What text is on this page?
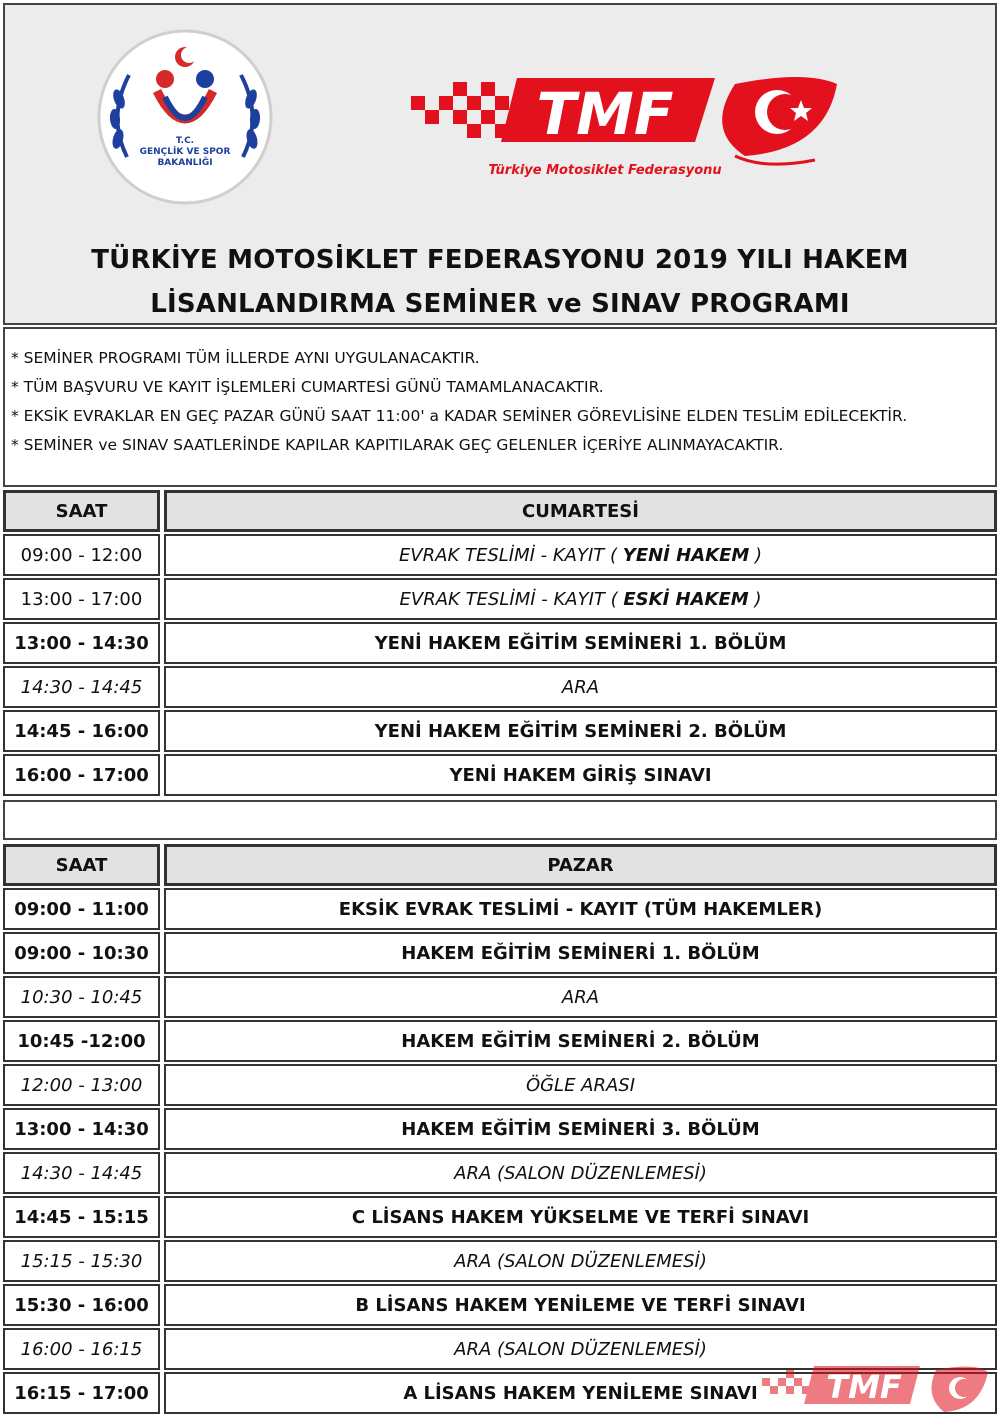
T.C.
GENÇLİK VE SPOR
BAKANLIĞI
TMF
Türkiye Motosiklet Federasyonu
TÜRKİYE MOTOSİKLET FEDERASYONU 2019 YILI HAKEM
LİSANLANDIRMA SEMİNER ve SINAV PROGRAMI
* SEMİNER PROGRAMI TÜM İLLERDE AYNI UYGULANACAKTIR.
* TÜM BAŞVURU VE KAYIT İŞLEMLERİ CUMARTESİ GÜNÜ TAMAMLANACAKTIR.
* EKSİK EVRAKLAR EN GEÇ PAZAR GÜNÜ SAAT 11:00' a KADAR SEMİNER GÖREVLİSİNE ELDEN TESLİM EDİLECEKTİR.
* SEMİNER ve SINAV SAATLERİNDE KAPILAR KAPITILARAK GEÇ GELENLER İÇERİYE ALINMAYACAKTIR.
SAAT	CUMARTESİ
09:00 - 12:00	EVRAK TESLİMİ - KAYIT (
YENİ HAKEM
)
13:00 - 17:00	EVRAK TESLİMİ - KAYIT (
ESKİ HAKEM
)
13:00 - 14:30	YENİ HAKEM EĞİTİM SEMİNERİ 1. BÖLÜM
14:30 - 14:45	ARA
14:45 - 16:00	YENİ HAKEM EĞİTİM SEMİNERİ 2. BÖLÜM
16:00 - 17:00	YENİ HAKEM GİRİŞ SINAVI
SAAT	PAZAR
09:00 - 11:00	EKSİK EVRAK TESLİMİ - KAYIT (TÜM HAKEMLER)
09:00 - 10:30	HAKEM EĞİTİM SEMİNERİ 1. BÖLÜM
10:30 - 10:45	ARA
10:45 -12:00	HAKEM EĞİTİM SEMİNERİ 2. BÖLÜM
12:00 - 13:00	ÖĞLE ARASI
13:00 - 14:30	HAKEM EĞİTİM SEMİNERİ 3. BÖLÜM
14:30 - 14:45	ARA (SALON DÜZENLEMESİ)
14:45 - 15:15	C LİSANS HAKEM YÜKSELME VE TERFİ SINAVI
15:15 - 15:30	ARA (SALON DÜZENLEMESİ)
15:30 - 16:00	B LİSANS HAKEM YENİLEME VE TERFİ SINAVI
16:00 - 16:15	ARA (SALON DÜZENLEMESİ)
16:15 - 17:00	A LİSANS HAKEM YENİLEME SINAVI	TMF
